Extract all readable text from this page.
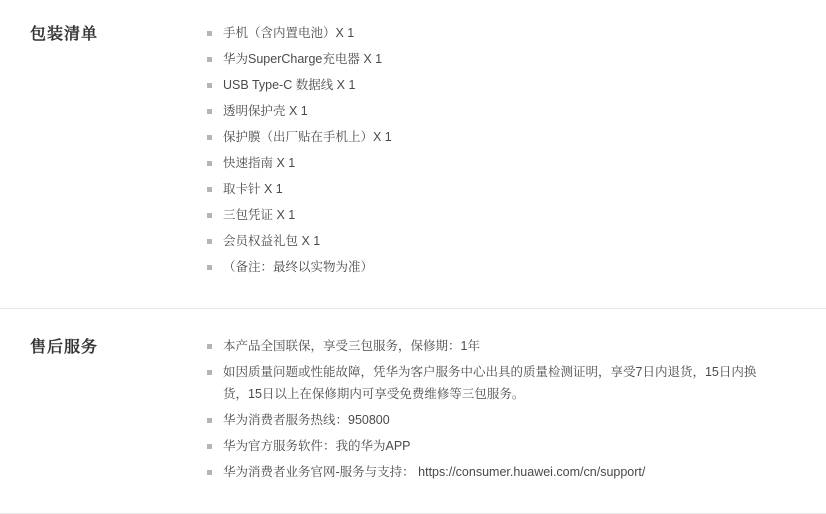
包装清单	手机（含内置电池）X 1
华为SuperCharge充电器 X 1
USB Type-C 数据线 X 1
透明保护壳 X 1
保护膜（出厂贴在手机上）X 1
快速指南 X 1
取卡针 X 1
三包凭证 X 1
会员权益礼包 X 1
（备注：最终以实物为准）
售后服务	本产品全国联保，享受三包服务，保修期：1年
如因质量问题或性能故障，凭华为客户服务中心出具的质量检测证明，享受7日内退货，15日内换货，15日以上在保修期内可享受免费维修等三包服务。
华为消费者服务热线：950800
华为官方服务软件：我的华为APP
华为消费者业务官网-服务与支持： https://consumer.huawei.com/cn/support/
